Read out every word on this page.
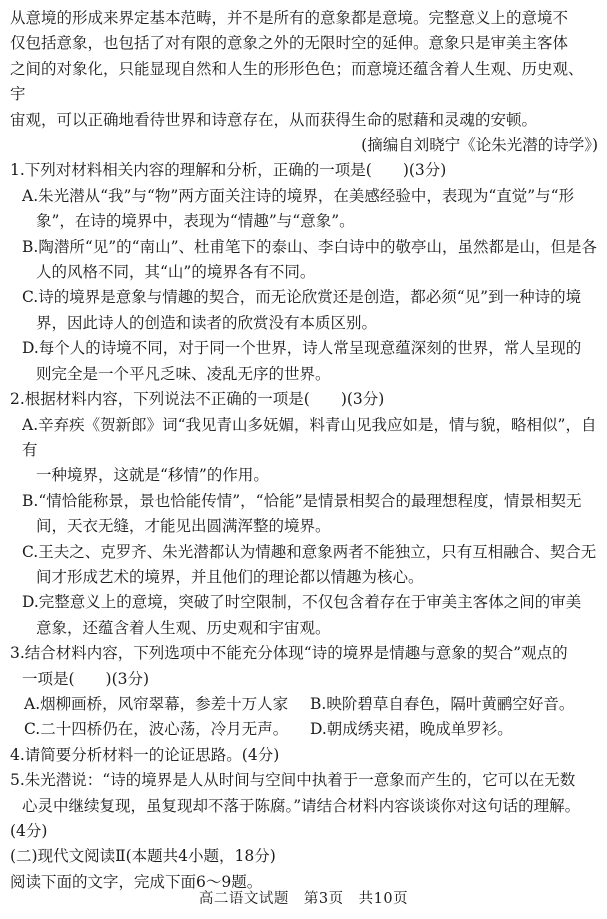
从意境的形成来界定基本范畴，并不是所有的意象都是意境。完整意义上的意境不

仅包括意象，也包括了对有限的意象之外的无限时空的延伸。意象只是审美主客体

之间的对象化，只能显现自然和人生的形形色色；而意境还蕴含着人生观、历史观、宇

宙观，可以正确地看待世界和诗意存在，从而获得生命的慰藉和灵魂的安顿。

(摘编自刘晓宁《论朱光潜的诗学》)

1.下列对材料相关内容的理解和分析，正确的一项是(　　)(3分)

A.朱光潜从“我”与“物”两方面关注诗的境界，在美感经验中，表现为“直觉”与“形

象”，在诗的境界中，表现为“情趣”与“意象”。

B.陶潜所“见”的“南山”、杜甫笔下的泰山、李白诗中的敬亭山，虽然都是山，但是各

人的风格不同，其“山”的境界各有不同。

C.诗的境界是意象与情趣的契合，而无论欣赏还是创造，都必须“见”到一种诗的境

界，因此诗人的创造和读者的欣赏没有本质区别。

D.每个人的诗境不同，对于同一个世界，诗人常呈现意蕴深刻的世界，常人呈现的

则完全是一个平凡乏味、凌乱无序的世界。

2.根据材料内容，下列说法不正确的一项是(　　)(3分)

A.辛弃疾《贺新郎》词“我见青山多妩媚，料青山见我应如是，情与貌，略相似”，自有

一种境界，这就是“移情”的作用。

B.“情恰能称景，景也恰能传情”，“恰能”是情景相契合的最理想程度，情景相契无

间，天衣无缝，才能见出圆满浑整的境界。

C.王夫之、克罗齐、朱光潜都认为情趣和意象两者不能独立，只有互相融合、契合无

间才形成艺术的境界，并且他们的理论都以情趣为核心。

D.完整意义上的意境，突破了时空限制，不仅包含着存在于审美主客体之间的审美

意象，还蕴含着人生观、历史观和宇宙观。

3.结合材料内容，下列选项中不能充分体现“诗的境界是情趣与意象的契合”观点的

一项是(　　)(3分)

A.烟柳画桥，风帘翠幕，参差十万人家	B.映阶碧草自春色，隔叶黄鹂空好音。
C.二十四桥仍在，波心荡，冷月无声。	D.朝成绣夹裙，晚成单罗衫。

4.请简要分析材料一的论证思路。(4分)

5.朱光潜说：“诗的境界是人从时间与空间中执着于一意象而产生的，它可以在无数

心灵中继续复现，虽复现却不落于陈腐。”请结合材料内容谈谈你对这句话的理解。

(4分)

(二)现代文阅读Ⅱ(本题共4小题，18分)

阅读下面的文字，完成下面6～9题。

高二语文试题　第3页　共10页
